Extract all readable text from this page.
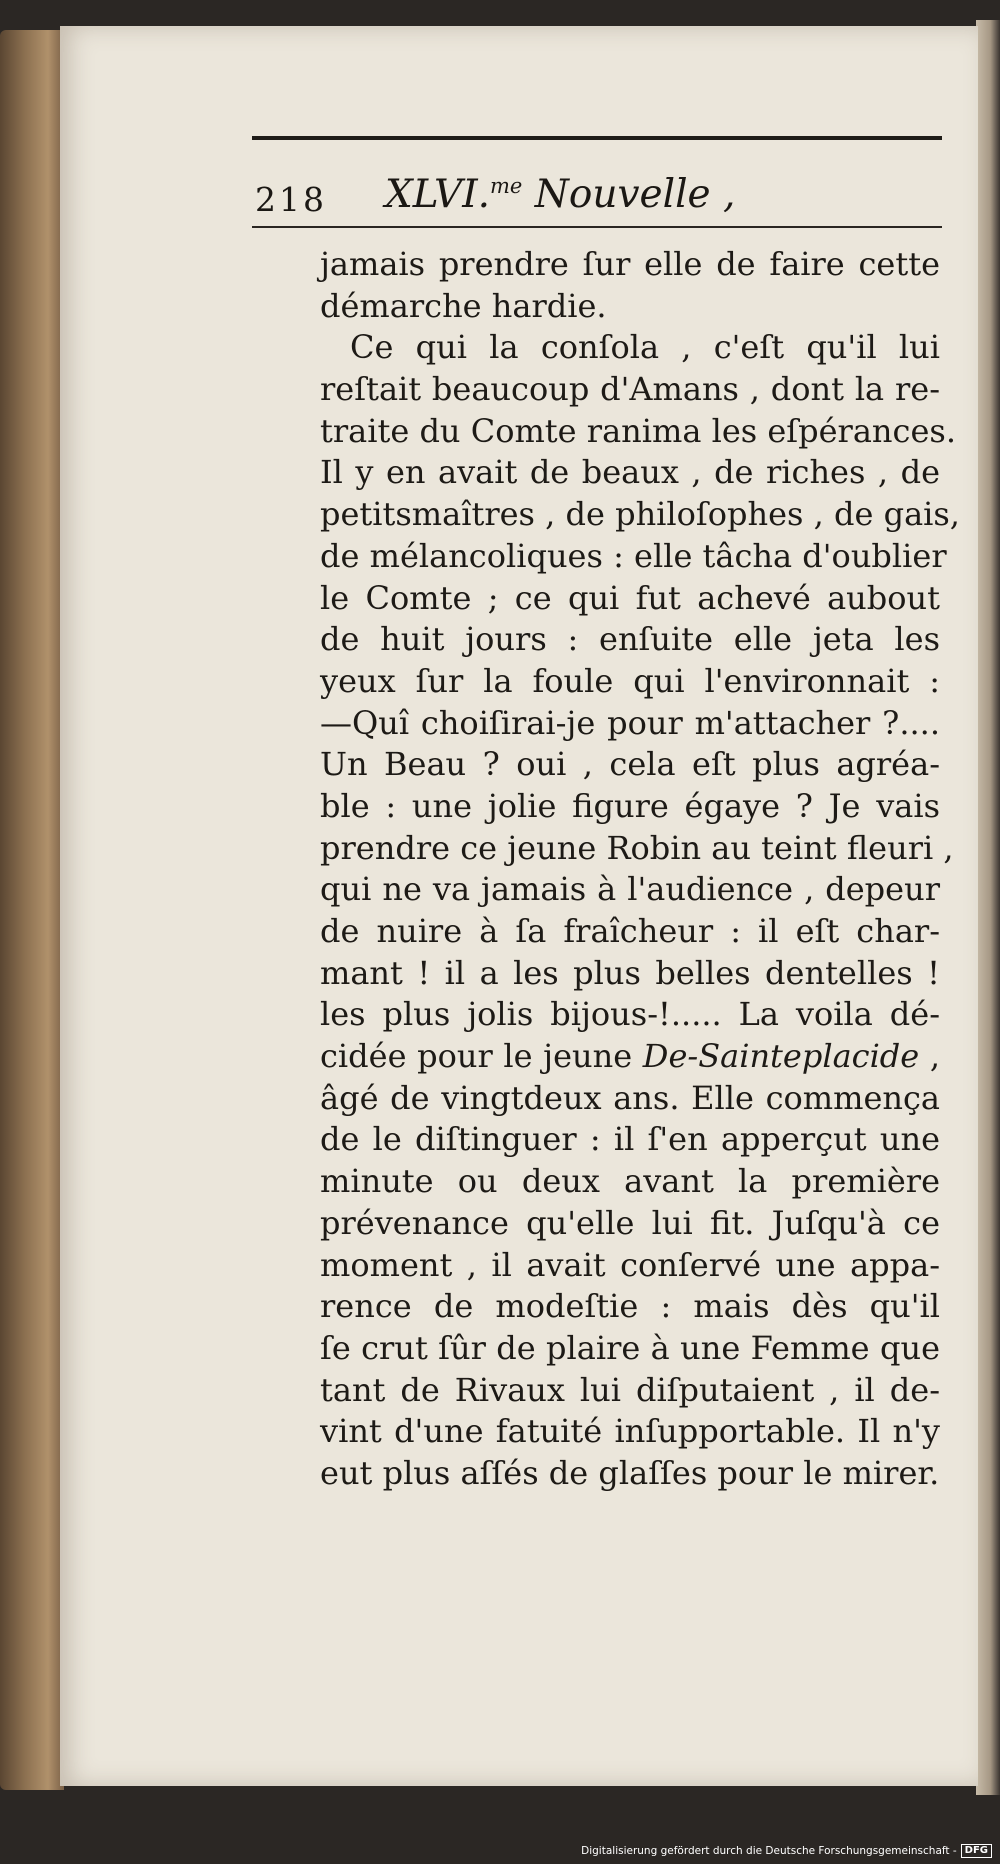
218 XLVI.$^{me}$ Nouvelle ,
jamais prendre ſur elle de faire cette
démarche hardie.
Ce qui la conſola , c'eſt qu'il lui
reſtait beaucoup d'Amans , dont la re-
traite du Comte ranima les eſpérances.
Il y en avait de beaux , de riches , de
petitsmaîtres , de philoſophes , de gais,
de mélancoliques : elle tâcha d'oublier
le Comte ; ce qui fut achevé aubout
de huit jours : enſuite elle jeta les
yeux ſur la foule qui l'environnait :
—Quî choiſirai-je pour m'attacher ?....
Un Beau ? oui , cela eſt plus agréa-
ble : une jolie figure égaye ? Je vais
prendre ce jeune Robin au teint fleuri ,
qui ne va jamais à l'audience , depeur
de nuire à ſa fraîcheur : il eſt char-
mant ! il a les plus belles dentelles !
les plus jolis bijous-!..... La voila dé-
cidée pour le jeune De-Sainteplacide ,
âgé de vingtdeux ans. Elle commença
de le diſtinguer : il ſ'en apperçut une
minute ou deux avant la première
prévenance qu'elle lui fit. Juſqu'à ce
moment , il avait conſervé une appa-
rence de modeſtie : mais dès qu'il
ſe crut ſûr de plaire à une Femme que
tant de Rivaux lui diſputaient , il de-
vint d'une fatuité inſupportable. Il n'y
eut plus aſſés de glaſſes pour le mirer.
Digitalisierung gefördert durch die Deutsche Forschungsgemeinschaft - DFG
